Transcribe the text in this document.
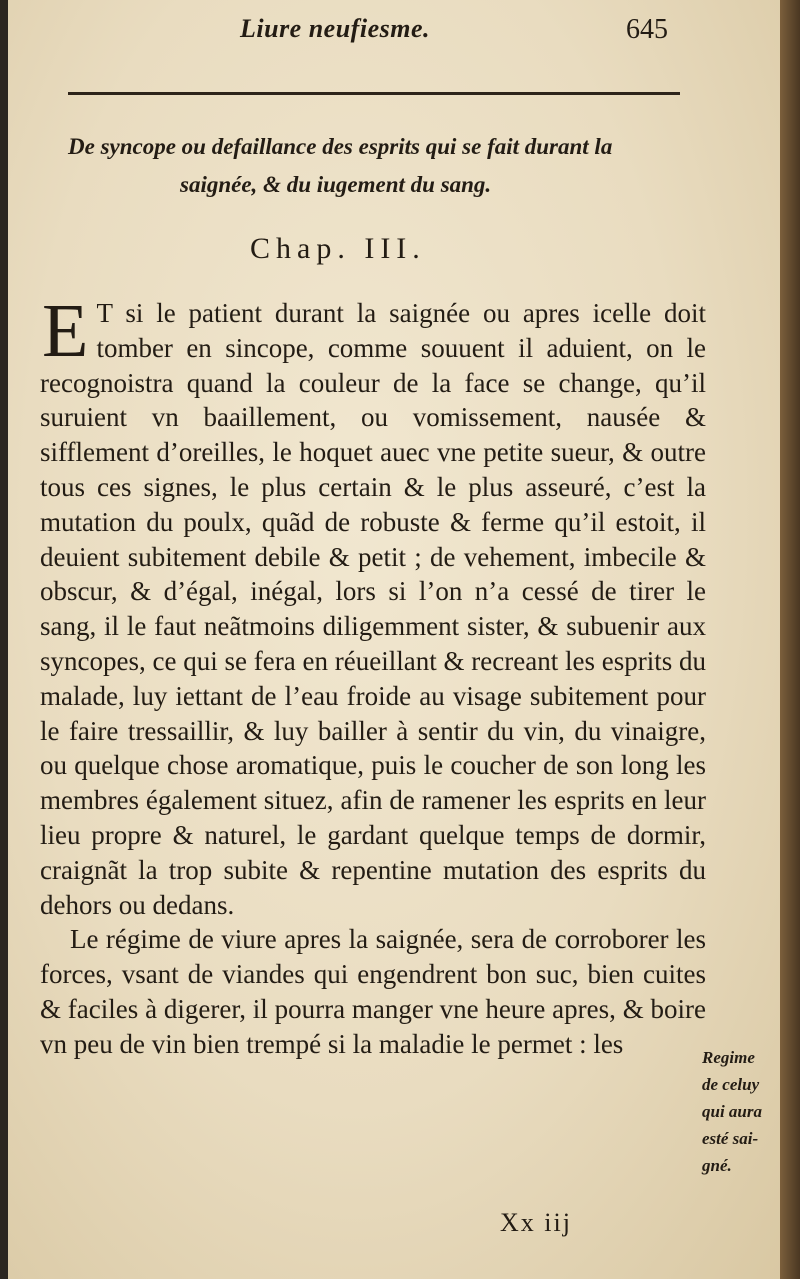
Liure neufiesme.	645
De syncope ou defaillance des esprits qui se fait durant la
saignée, & du iugement du sang.
Chap. III.

E T si le patient durant la saignée ou apres icelle doit tomber en sincope, comme souuent il aduient, on le recognoistra quand la couleur de la face se change, qu’il suruient vn baaillement, ou vomissement, nausée & sifflement d’oreilles, le hoquet auec vne petite sueur, & outre tous ces signes, le plus certain & le plus asseuré, c’est la mutation du poulx, quãd de robuste & ferme qu’il estoit, il deuient subitement debile & petit ; de vehement, imbecile & obscur, & d’égal, inégal, lors si l’on n’a cessé de tirer le sang, il le faut neãtmoins diligemment sister, & subuenir aux syncopes, ce qui se fera en réueillant & recreant les esprits du malade, luy iettant de l’eau froide au visage subitement pour le faire tressaillir, & luy bailler à sentir du vin, du vinaigre, ou quelque chose aromatique, puis le coucher de son long les membres également situez, afin de ramener les esprits en leur lieu propre & naturel, le gardant quelque temps de dormir, craignãt la trop subite & repentine mutation des esprits du dehors ou dedans.

Le régime de viure apres la saignée, sera de corroborer les forces, vsant de viandes qui engendrent bon suc, bien cuites & faciles à digerer, il pourra manger vne heure apres, & boire vn peu de vin bien trempé si la maladie le permet : les	Regime
de celuy
qui aura
esté sai-
gné.
Xx iij
